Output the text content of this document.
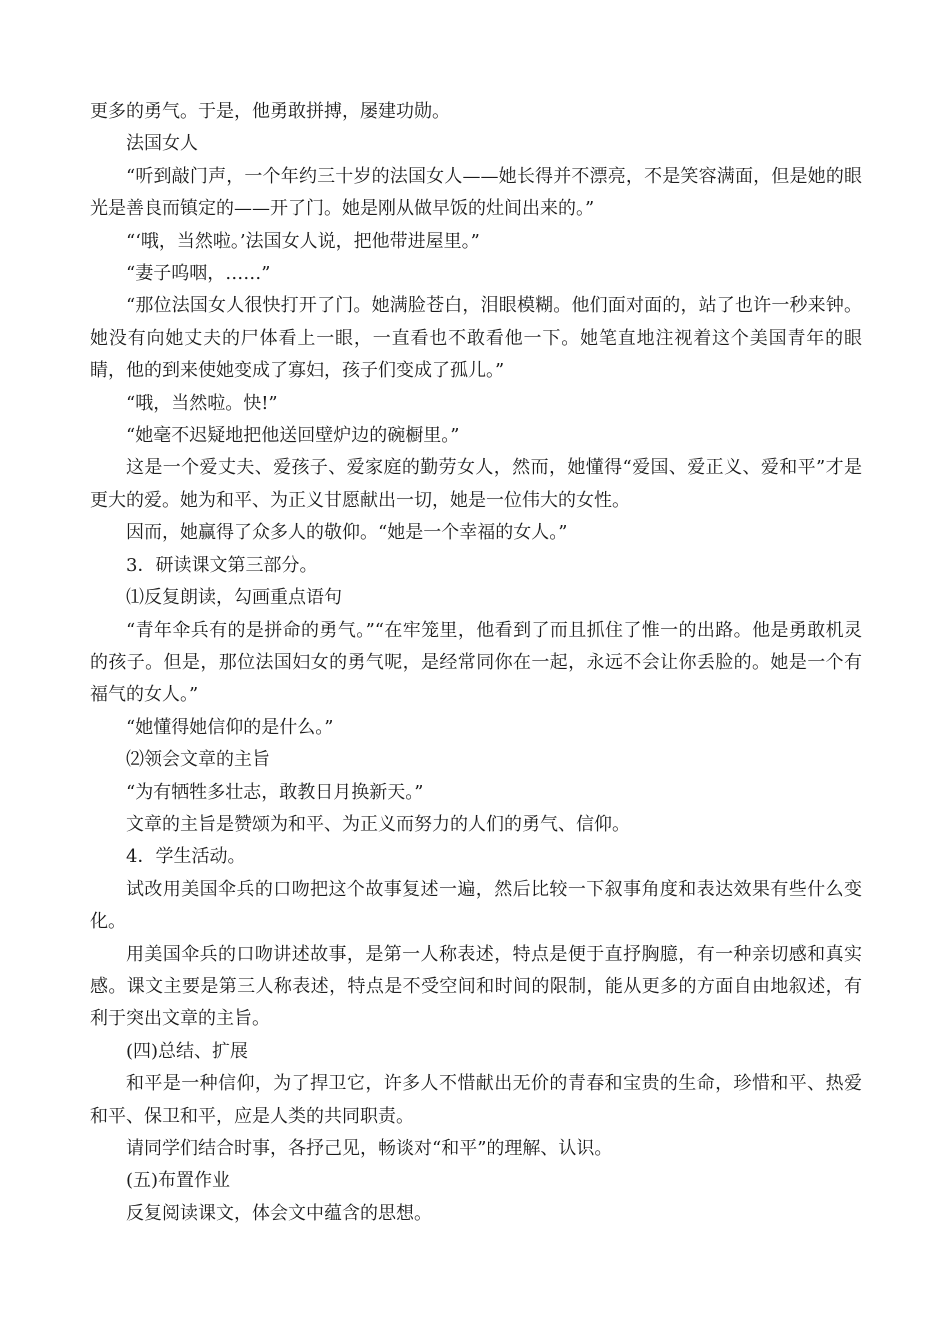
更多的勇气。于是，他勇敢拼搏，屡建功勋。

法国女人

“听到敲门声，一个年约三十岁的法国女人——她长得并不漂亮，不是笑容满面，但是她的眼光是善良而镇定的——开了门。她是刚从做早饭的灶间出来的。”

“‘哦，当然啦。’法国女人说，把他带进屋里。”

“妻子呜咽，……”

“那位法国女人很快打开了门。她满脸苍白，泪眼模糊。他们面对面的，站了也许一秒来钟。她没有向她丈夫的尸体看上一眼，一直看也不敢看他一下。她笔直地注视着这个美国青年的眼睛，他的到来使她变成了寡妇，孩子们变成了孤儿。”

“哦，当然啦。快!”

“她毫不迟疑地把他送回壁炉边的碗橱里。”

这是一个爱丈夫、爱孩子、爱家庭的勤劳女人，然而，她懂得“爱国、爱正义、爱和平”才是更大的爱。她为和平、为正义甘愿献出一切，她是一位伟大的女性。

因而，她赢得了众多人的敬仰。“她是一个幸福的女人。”

3．研读课文第三部分。

⑴反复朗读，勾画重点语句

“青年伞兵有的是拼命的勇气。”“在牢笼里，他看到了而且抓住了惟一的出路。他是勇敢机灵的孩子。但是，那位法国妇女的勇气呢，是经常同你在一起，永远不会让你丢脸的。她是一个有福气的女人。”

“她懂得她信仰的是什么。”

⑵领会文章的主旨

“为有牺牲多壮志，敢教日月换新天。”

文章的主旨是赞颂为和平、为正义而努力的人们的勇气、信仰。

4．学生活动。

试改用美国伞兵的口吻把这个故事复述一遍，然后比较一下叙事角度和表达效果有些什么变化。

用美国伞兵的口吻讲述故事，是第一人称表述，特点是便于直抒胸臆，有一种亲切感和真实感。课文主要是第三人称表述，特点是不受空间和时间的限制，能从更多的方面自由地叙述，有利于突出文章的主旨。

(四)总结、扩展

和平是一种信仰，为了捍卫它，许多人不惜献出无价的青春和宝贵的生命，珍惜和平、热爱和平、保卫和平，应是人类的共同职责。

请同学们结合时事，各抒己见，畅谈对“和平”的理解、认识。

(五)布置作业

反复阅读课文，体会文中蕴含的思想。
